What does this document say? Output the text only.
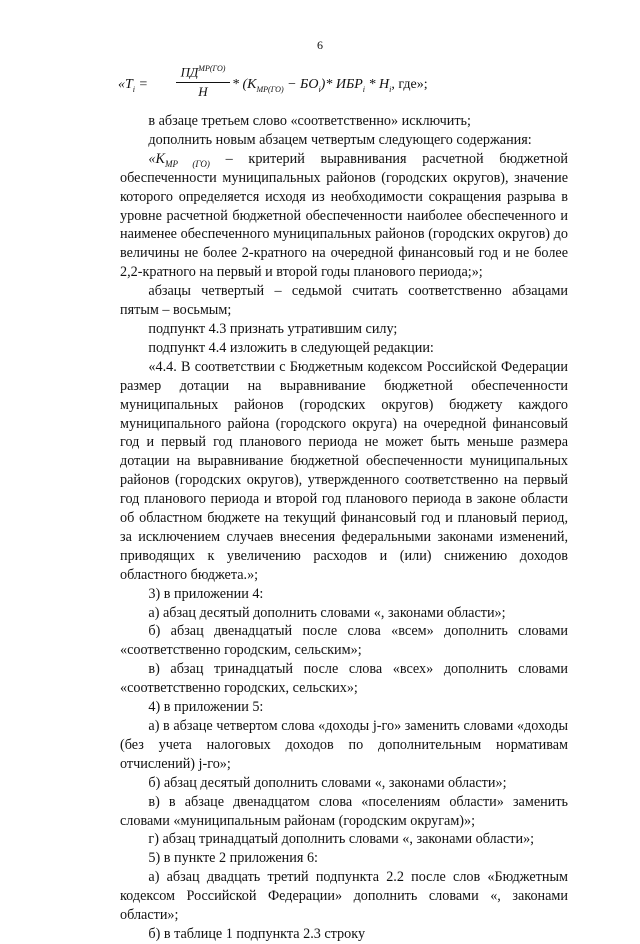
6
«$T_i$ =
$ПД^{МР(ГО)}$
Н	* $(K_{МР(ГО)} - БО_i)*$ $ИБР_i * Н_i$, где»;

в абзаце третьем слово «соответственно» исключить;

дополнить новым абзацем четвертым следующего содержания:

«$K_{МР (ГО)}$ – критерий выравнивания расчетной бюджетной обеспеченности муниципальных районов (городских округов), значение которого определяется исходя из необходимости сокращения разрыва в уровне расчетной бюджетной обеспеченности наиболее обеспеченного и наименее обеспеченного муниципальных районов (городских округов) до величины не более 2-кратного на очередной финансовый год и не более 2,2-кратного на первый и второй годы планового периода;»;

абзацы четвертый – седьмой считать соответственно абзацами пятым – восьмым;

подпункт 4.3 признать утратившим силу;

подпункт 4.4 изложить в следующей редакции:

«4.4. В соответствии с Бюджетным кодексом Российской Федерации размер дотации на выравнивание бюджетной обеспеченности муниципальных районов (городских округов) бюджету каждого муниципального района (городского округа) на очередной финансовый год и первый год планового периода не может быть меньше размера дотации на выравнивание бюджетной обеспеченности муниципальных районов (городских округов), утвержденного соответственно на первый год планового периода и второй год планового периода в законе области об областном бюджете на текущий финансовый год и плановый период, за исключением случаев внесения федеральными законами изменений, приводящих к увеличению расходов и (или) снижению доходов областного бюджета.»;

3) в приложении 4:

а) абзац десятый дополнить словами «, законами области»;

б) абзац двенадцатый после слова «всем» дополнить словами «соответственно городским, сельским»;

в) абзац тринадцатый после слова «всех» дополнить словами «соответственно городских, сельских»;

4) в приложении 5:

а) в абзаце четвертом слова «доходы j-го» заменить словами «доходы (без учета налоговых доходов по дополнительным нормативам отчислений) j-го»;

б) абзац десятый дополнить словами «, законами области»;

в) в абзаце двенадцатом слова «поселениям области» заменить словами «муниципальным районам (городским округам)»;

г) абзац тринадцатый дополнить словами «, законами области»;

5) в пункте 2 приложения 6:

а) абзац двадцать третий подпункта 2.2 после слов «Бюджетным кодексом Российской Федерации» дополнить словами «, законами области»;

б) в таблице 1 подпункта 2.3 строку
